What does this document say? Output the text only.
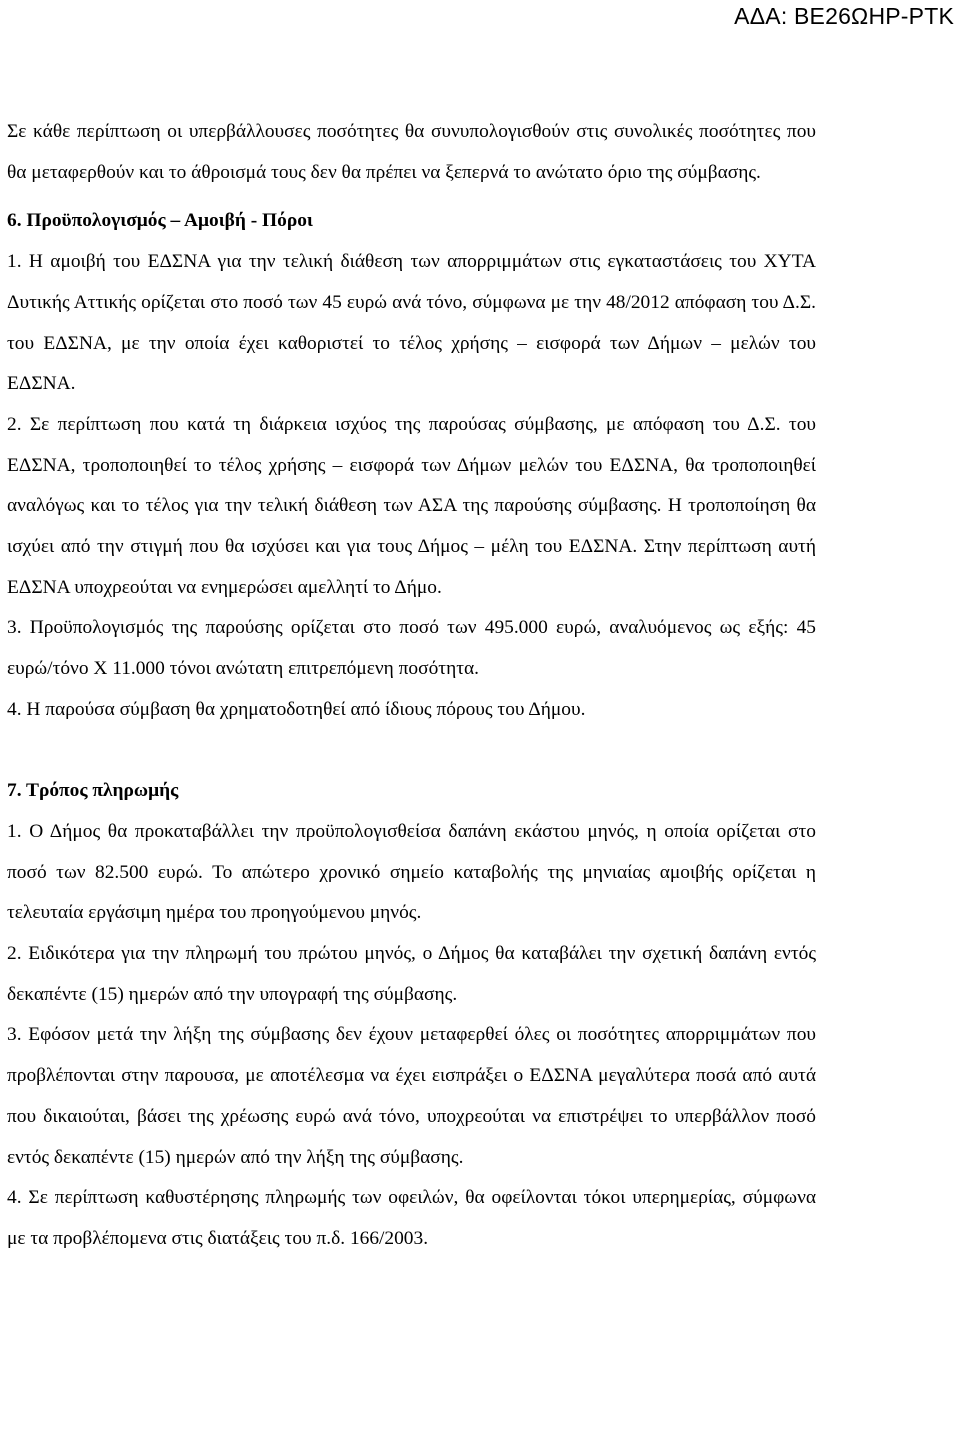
ΑΔΑ: ΒΕ26ΩΗΡ-ΡΤΚ

Σε κάθε περίπτωση οι υπερβάλλουσες ποσότητες θα συνυπολογισθούν στις συνολικές ποσότητες που θα μεταφερθούν και το άθροισμά τους δεν θα πρέπει να ξεπερνά το ανώτατο όριο της σύμβασης.

6. Προϋπολογισμός – Αμοιβή - Πόροι

1. Η αμοιβή του ΕΔΣΝΑ για την τελική διάθεση των απορριμμάτων στις εγκαταστάσεις του ΧΥΤΑ Δυτικής Αττικής ορίζεται στο ποσό των 45 ευρώ ανά τόνο, σύμφωνα με την 48/2012 απόφαση του Δ.Σ. του ΕΔΣΝΑ, με την οποία έχει καθοριστεί το τέλος χρήσης – εισφορά των Δήμων – μελών του ΕΔΣΝΑ.

2. Σε περίπτωση που κατά τη διάρκεια ισχύος της παρούσας σύμβασης, με απόφαση του Δ.Σ. του ΕΔΣΝΑ, τροποποιηθεί το τέλος χρήσης – εισφορά των Δήμων μελών του ΕΔΣΝΑ, θα τροποποιηθεί αναλόγως και το τέλος για την τελική διάθεση των ΑΣΑ της παρούσης σύμβασης. Η τροποποίηση θα ισχύει από την στιγμή που θα ισχύσει και για τους Δήμος – μέλη του ΕΔΣΝΑ. Στην περίπτωση αυτή ΕΔΣΝΑ υποχρεούται να ενημερώσει αμελλητί το Δήμο.

3. Προϋπολογισμός της παρούσης ορίζεται στο ποσό των 495.000 ευρώ, αναλυόμενος ως εξής: 45 ευρώ/τόνο Χ 11.000 τόνοι ανώτατη επιτρεπόμενη ποσότητα.

4. Η παρούσα σύμβαση θα χρηματοδοτηθεί από ίδιους πόρους του Δήμου.

7. Τρόπος πληρωμής

1. Ο Δήμος θα προκαταβάλλει την προϋπολογισθείσα δαπάνη εκάστου μηνός, η οποία ορίζεται στο ποσό των 82.500 ευρώ. Το απώτερο χρονικό σημείο καταβολής της μηνιαίας αμοιβής ορίζεται η τελευταία εργάσιμη ημέρα του προηγούμενου μηνός.

2. Ειδικότερα για την πληρωμή του πρώτου μηνός, ο Δήμος θα καταβάλει την σχετική δαπάνη εντός δεκαπέντε (15) ημερών από την υπογραφή της σύμβασης.

3. Εφόσον μετά την λήξη της σύμβασης δεν έχουν μεταφερθεί όλες οι ποσότητες απορριμμάτων που προβλέπονται στην παρουσα, με αποτέλεσμα να έχει εισπράξει ο ΕΔΣΝΑ μεγαλύτερα ποσά από αυτά που δικαιούται, βάσει της χρέωσης ευρώ ανά τόνο, υποχρεούται να επιστρέψει το υπερβάλλον ποσό εντός δεκαπέντε (15) ημερών από την λήξη της σύμβασης.

4. Σε περίπτωση καθυστέρησης πληρωμής των οφειλών, θα οφείλονται τόκοι υπερημερίας, σύμφωνα με τα προβλέπομενα στις διατάξεις του π.δ. 166/2003.
